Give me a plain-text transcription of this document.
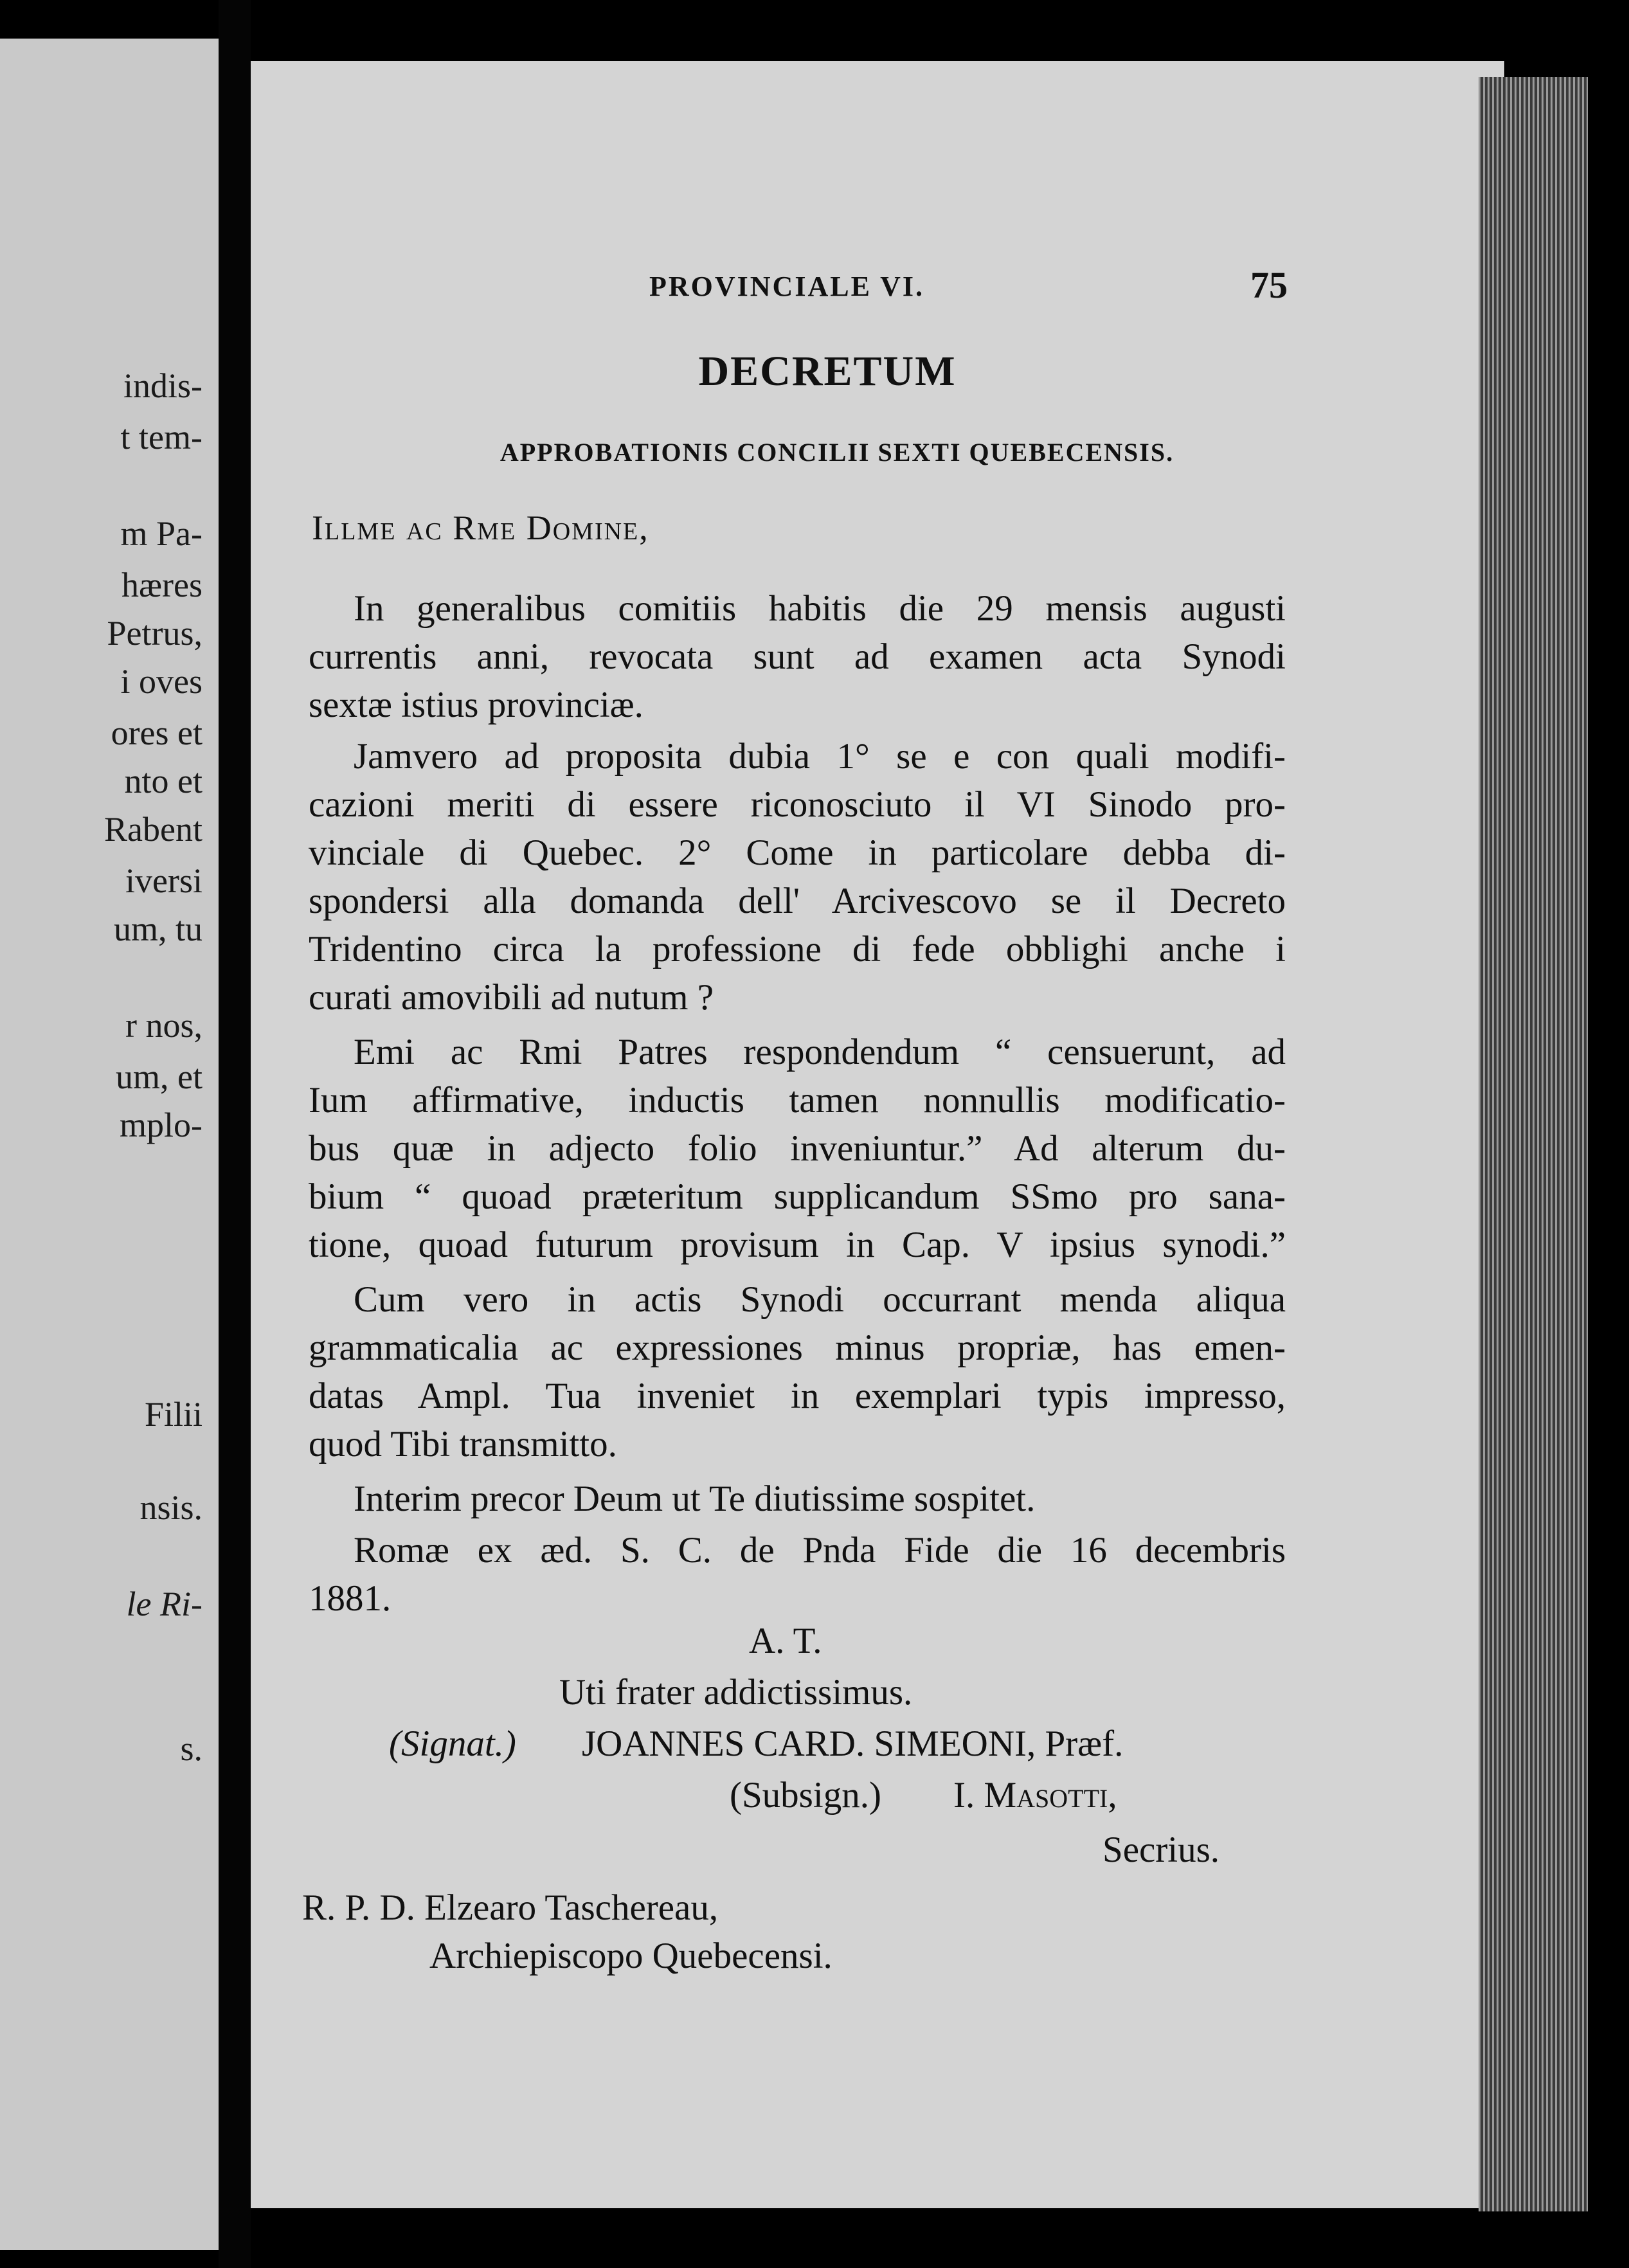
indis-
t tem-
m Pa-
hæres
Petrus,
i oves
ores et
nto et
Rabent
iversi
um, tu
r nos,
um, et
mplo-
Filii
nsis.
le Ri-
s.
PROVINCIALE VI.	75
DECRETUM
APPROBATIONIS CONCILII SEXTI QUEBECENSIS.
Illme ac Rme Domine,
In generalibus comitiis habitis die 29 mensis augusti
currentis anni, revocata sunt ad examen acta Synodi
sextæ istius provinciæ.
Jamvero ad proposita dubia 1° se e con quali modifi-
cazioni meriti di essere riconosciuto il VI Sinodo pro-
vinciale di Quebec. 2° Come in particolare debba di-
spondersi alla domanda dell' Arcivescovo se il Decreto
Tridentino circa la professione di fede obblighi anche i
curati amovibili ad nutum ?
Emi ac Rmi Patres respondendum “ censuerunt, ad
Ium affirmative, inductis tamen nonnullis modificatio-
bus quæ in adjecto folio inveniuntur.” Ad alterum du-
bium “ quoad præteritum supplicandum SSmo pro sana-
tione, quoad futurum provisum in Cap. V ipsius synodi.”
Cum vero in actis Synodi occurrant menda aliqua
grammaticalia ac expressiones minus propriæ, has emen-
datas Ampl. Tua inveniet in exemplari typis impresso,
quod Tibi transmitto.
Interim precor Deum ut Te diutissime sospitet.
Romæ ex æd. S. C. de Pnda Fide die 16 decembris
1881.
A. T.
Uti frater addictissimus.
(Signat.) JOANNES CARD. SIMEONI, Præf.
(Subsign.) I. Masotti,
Secrius.
R. P. D. Elzearo Taschereau,
Archiepiscopo Quebecensi.
